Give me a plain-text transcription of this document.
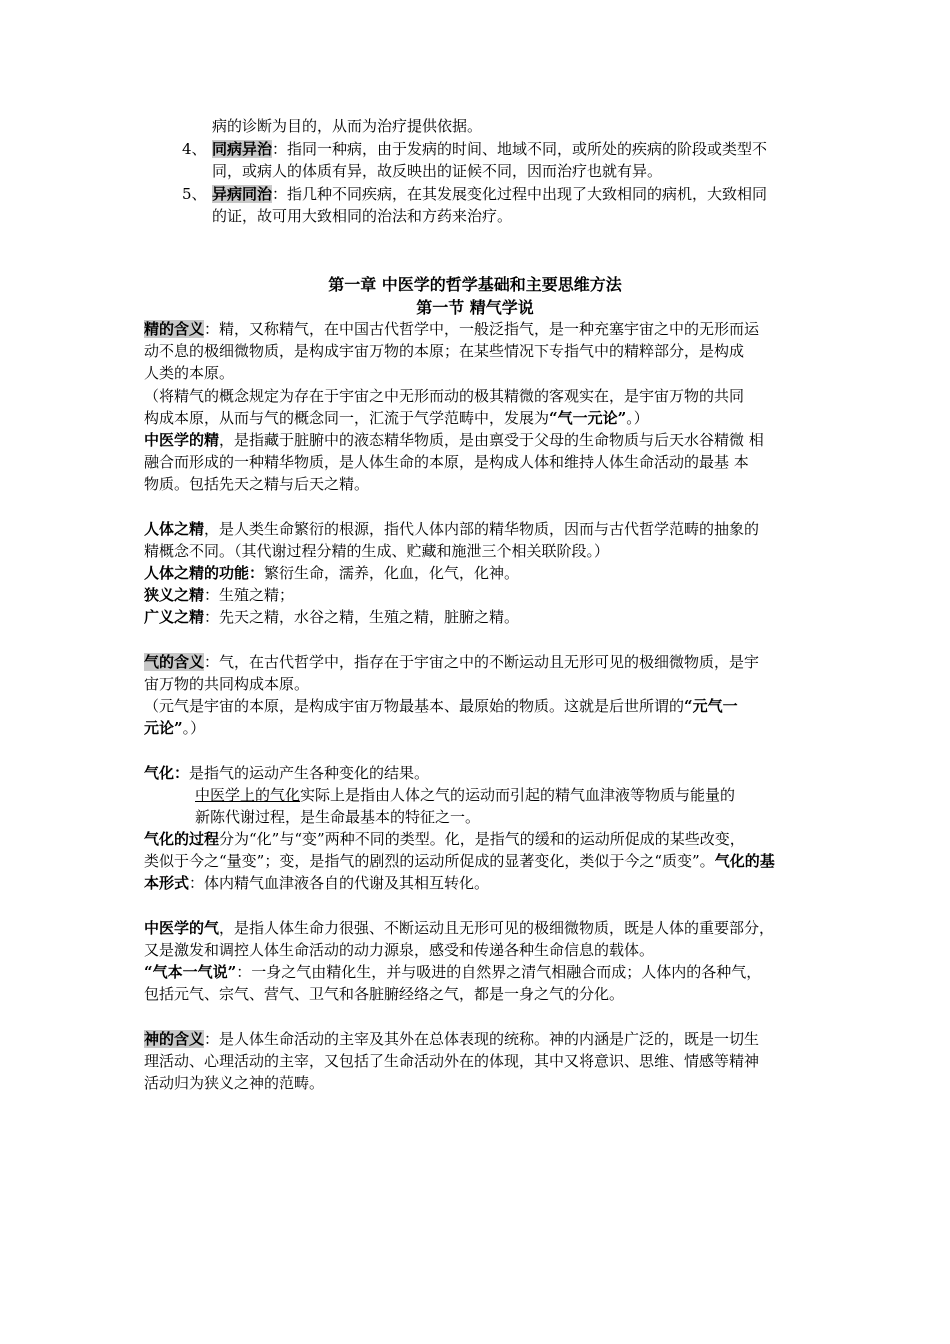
病的诊断为目的，从而为治疗提供依据。
4、 同病异治：指同一种病，由于发病的时间、地域不同，或所处的疾病的阶段或类型不
同，或病人的体质有异，故反映出的证候不同，因而治疗也就有异。
5、 异病同治：指几种不同疾病，在其发展变化过程中出现了大致相同的病机，大致相同
的证，故可用大致相同的治法和方药来治疗。
第一章 中医学的哲学基础和主要思维方法
第一节 精气学说
精的含义：精，又称精气，在中国古代哲学中，一般泛指气，是一种充塞宇宙之中的无形而运
动不息的极细微物质，是构成宇宙万物的本原；在某些情况下专指气中的精粹部分，是构成
人类的本原。
（将精气的概念规定为存在于宇宙之中无形而动的极其精微的客观实在，是宇宙万物的共同
构成本原，从而与气的概念同一，汇流于气学范畴中，发展为“气一元论”。）
中医学的精，是指藏于脏腑中的液态精华物质，是由禀受于父母的生命物质与后天水谷精微 相
融合而形成的一种精华物质，是人体生命的本原，是构成人体和维持人体生命活动的最基 本
物质。包括先天之精与后天之精。
人体之精，是人类生命繁衍的根源，指代人体内部的精华物质，因而与古代哲学范畴的抽象的
精概念不同。（其代谢过程分精的生成、贮藏和施泄三个相关联阶段。）
人体之精的功能：繁衍生命，濡养，化血，化气，化神。
狭义之精：生殖之精；
广义之精：先天之精，水谷之精，生殖之精，脏腑之精。
气的含义：气，在古代哲学中，指存在于宇宙之中的不断运动且无形可见的极细微物质，是宇
宙万物的共同构成本原。
（元气是宇宙的本原，是构成宇宙万物最基本、最原始的物质。这就是后世所谓的“元气一
元论”。）
气化：是指气的运动产生各种变化的结果。
中医学上的气化实际上是指由人体之气的运动而引起的精气血津液等物质与能量的
新陈代谢过程，是生命最基本的特征之一。
气化的过程分为“化”与“变”两种不同的类型。化，是指气的缓和的运动所促成的某些改变，
类似于今之“量变”；变，是指气的剧烈的运动所促成的显著变化，类似于今之“质变”。气化的基
本形式：体内精气血津液各自的代谢及其相互转化。
中医学的气，是指人体生命力很强、不断运动且无形可见的极细微物质，既是人体的重要部分，
又是激发和调控人体生命活动的动力源泉，感受和传递各种生命信息的载体。
“气本一气说”：一身之气由精化生，并与吸进的自然界之清气相融合而成；人体内的各种气，
包括元气、宗气、营气、卫气和各脏腑经络之气，都是一身之气的分化。
神的含义：是人体生命活动的主宰及其外在总体表现的统称。神的内涵是广泛的，既是一切生
理活动、心理活动的主宰，又包括了生命活动外在的体现，其中又将意识、思维、情感等精神
活动归为狭义之神的范畴。
